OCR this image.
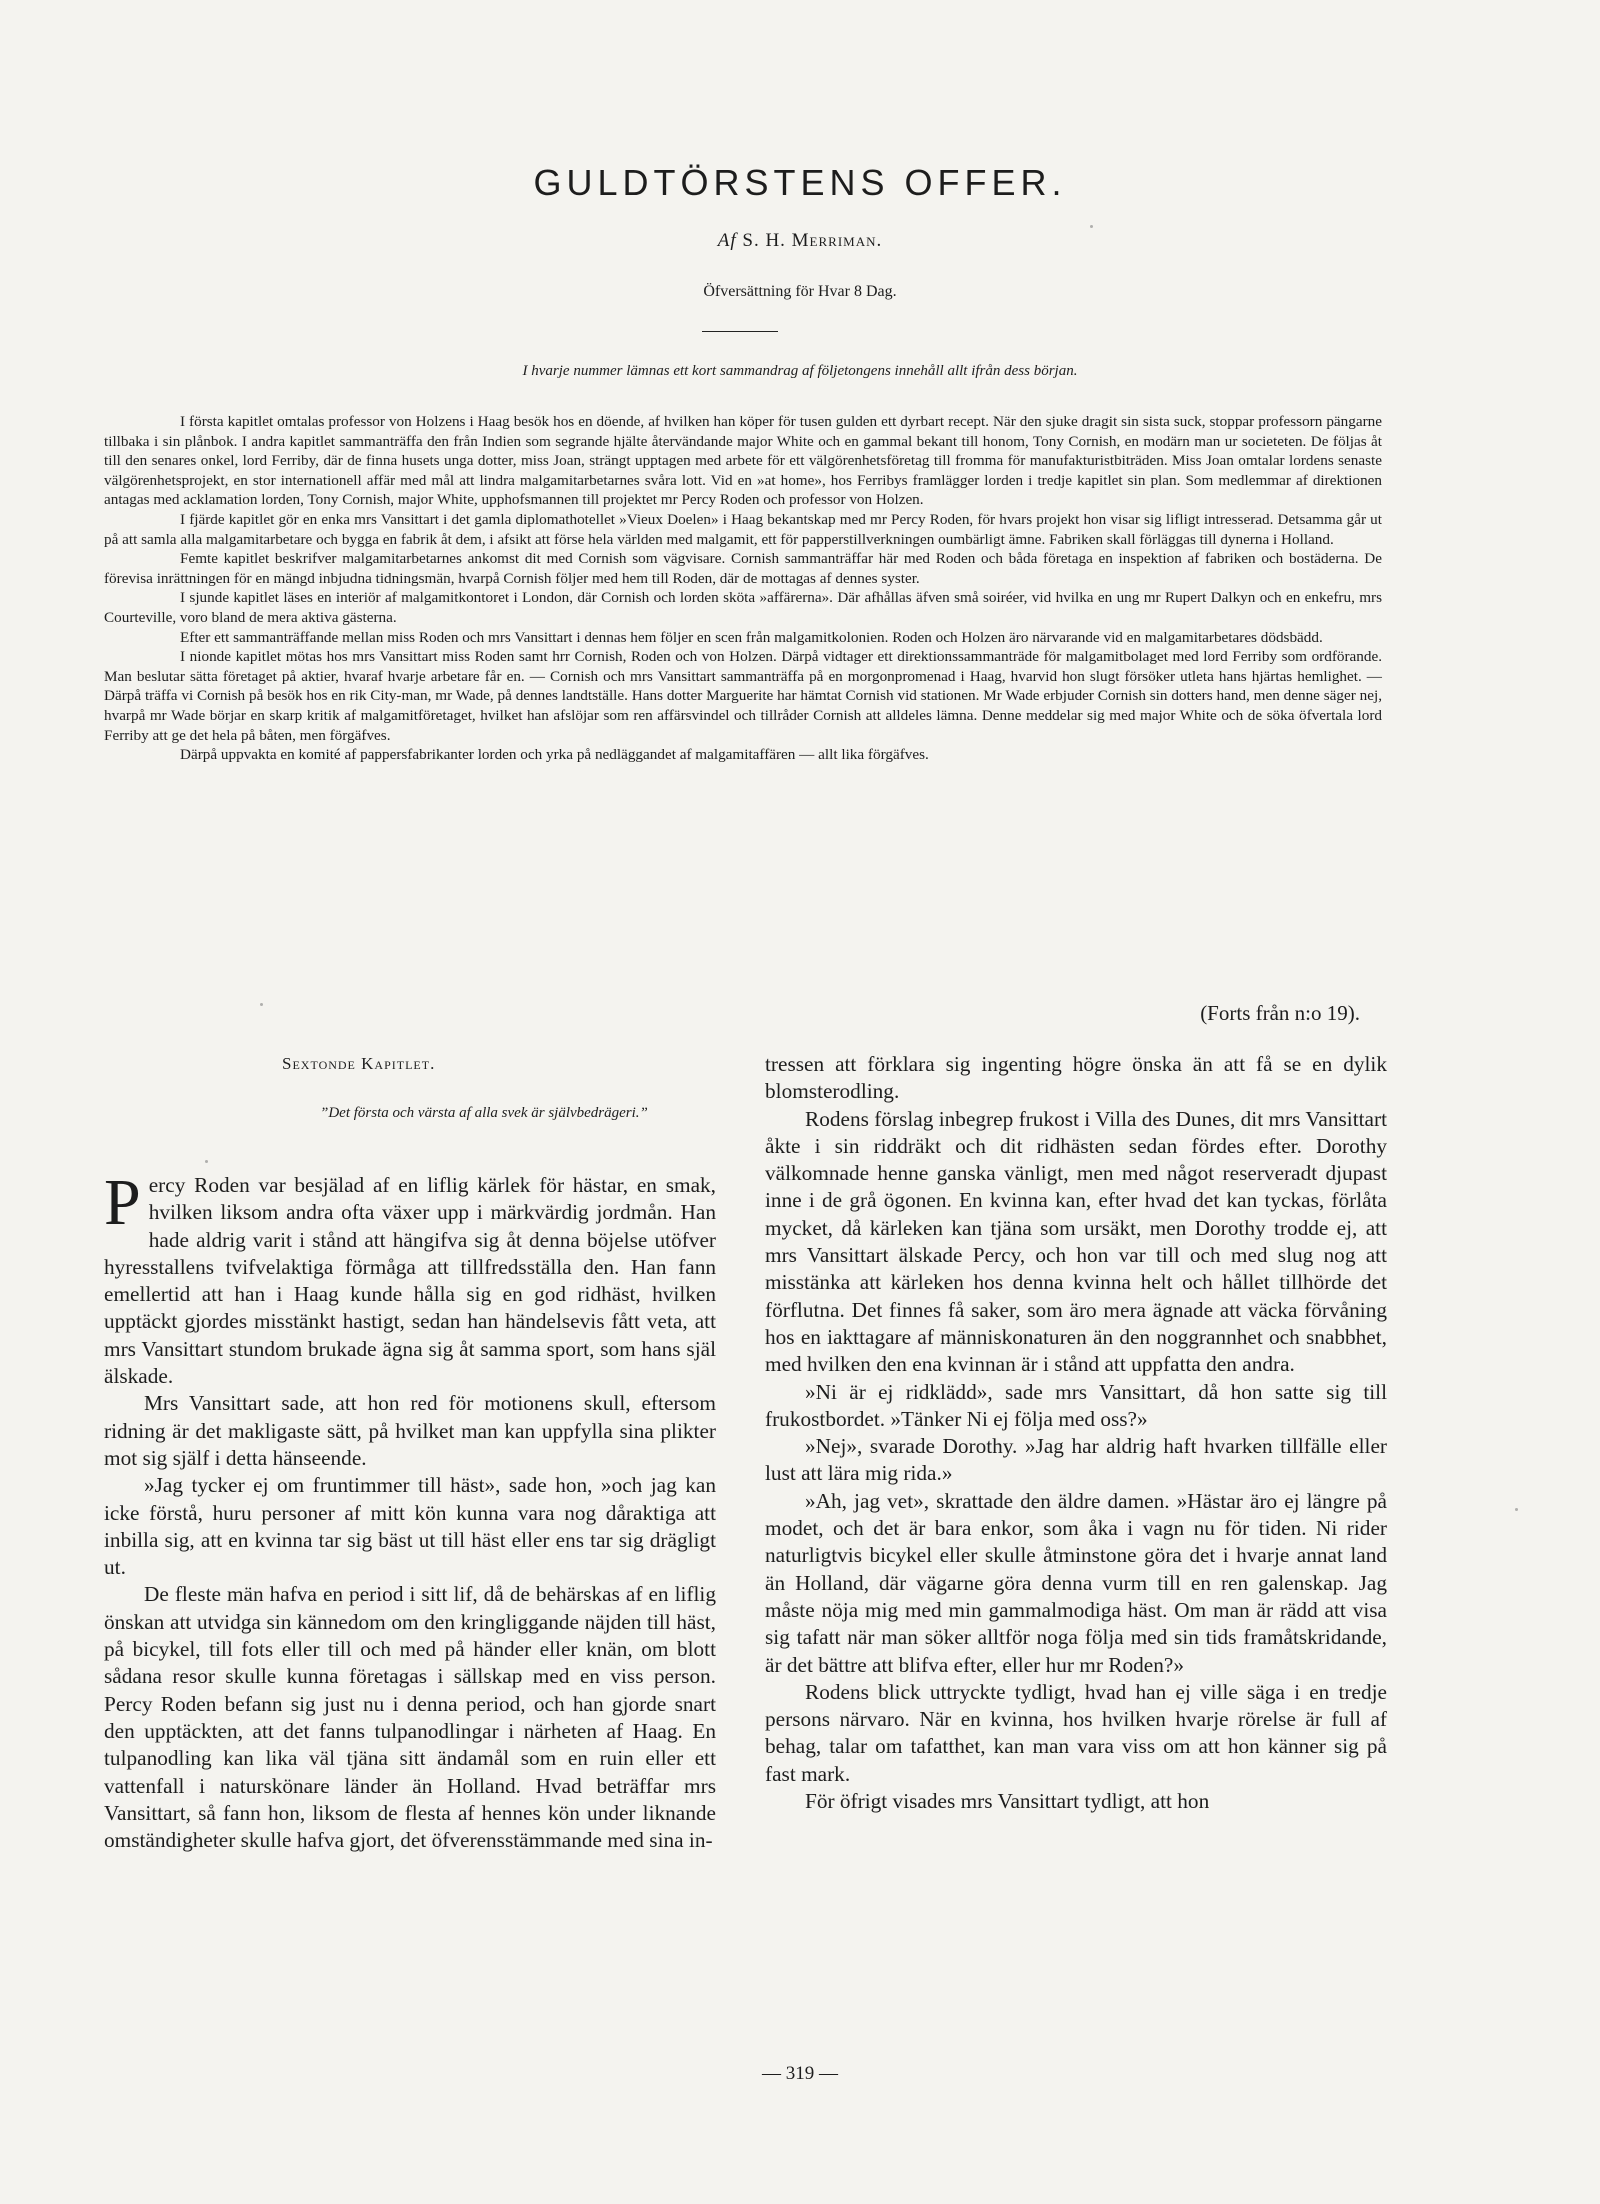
GULDTÖRSTENS OFFER.
Af S. H. Merriman.
Öfversättning för Hvar 8 Dag.
I hvarje nummer lämnas ett kort sammandrag af följetongens innehåll allt ifrån dess början.

I första kapitlet omtalas professor von Holzens i Haag besök hos en döende, af hvilken han köper för tusen gulden ett dyrbart recept. När den sjuke dragit sin sista suck, stoppar professorn pängarne tillbaka i sin plånbok. I andra kapitlet sammanträffa den från Indien som segrande hjälte återvändande major White och en gammal bekant till honom, Tony Cornish, en modärn man ur societeten. De följas åt till den senares onkel, lord Ferriby, där de finna husets unga dotter, miss Joan, strängt upptagen med arbete för ett välgörenhetsföretag till fromma för manufakturistbiträden. Miss Joan omtalar lordens senaste välgörenhetsprojekt, en stor internationell affär med mål att lindra malgamitarbetarnes svåra lott. Vid en »at home», hos Ferribys framlägger lorden i tredje kapitlet sin plan. Som medlemmar af direktionen antagas med acklamation lorden, Tony Cornish, major White, upphofsmannen till projektet mr Percy Roden och professor von Holzen.

I fjärde kapitlet gör en enka mrs Vansittart i det gamla diplomathotellet »Vieux Doelen» i Haag bekantskap med mr Percy Roden, för hvars projekt hon visar sig lifligt intresserad. Detsamma går ut på att samla alla malgamitarbetare och bygga en fabrik åt dem, i afsikt att förse hela världen med malgamit, ett för papperstillverkningen oumbärligt ämne. Fabriken skall förläggas till dynerna i Holland.

Femte kapitlet beskrifver malgamitarbetarnes ankomst dit med Cornish som vägvisare. Cornish sammanträffar här med Roden och båda företaga en inspektion af fabriken och bostäderna. De förevisa inrättningen för en mängd inbjudna tidningsmän, hvarpå Cornish följer med hem till Roden, där de mottagas af dennes syster.

I sjunde kapitlet läses en interiör af malgamitkontoret i London, där Cornish och lorden sköta »affärerna». Där afhållas äfven små soiréer, vid hvilka en ung mr Rupert Dalkyn och en enkefru, mrs Courteville, voro bland de mera aktiva gästerna.

Efter ett sammanträffande mellan miss Roden och mrs Vansittart i dennas hem följer en scen från malgamitkolonien. Roden och Holzen äro närvarande vid en malgamitarbetares dödsbädd.

I nionde kapitlet mötas hos mrs Vansittart miss Roden samt hrr Cornish, Roden och von Holzen. Därpå vidtager ett direktionssammanträde för malgamitbolaget med lord Ferriby som ordförande. Man beslutar sätta företaget på aktier, hvaraf hvarje arbetare får en. — Cornish och mrs Vansittart sammanträffa på en morgonpromenad i Haag, hvarvid hon slugt försöker utleta hans hjärtas hemlighet. — Därpå träffa vi Cornish på besök hos en rik City-man, mr Wade, på dennes landtställe. Hans dotter Marguerite har hämtat Cornish vid stationen. Mr Wade erbjuder Cornish sin dotters hand, men denne säger nej, hvarpå mr Wade börjar en skarp kritik af malgamitföretaget, hvilket han afslöjar som ren affärsvindel och tillråder Cornish att alldeles lämna. Denne meddelar sig med major White och de söka öfvertala lord Ferriby att ge det hela på båten, men förgäfves.

Därpå uppvakta en komité af pappersfabrikanter lorden och yrka på nedläggandet af malgamitaffären — allt lika förgäfves.

(Forts från n:o 19).
Sextonde Kapitlet.
”Det första och värsta af alla svek är självbedrägeri.”

Percy Roden var besjälad af en liflig kärlek för hästar, en smak, hvilken liksom andra ofta växer upp i märkvärdig jordmån. Han hade aldrig varit i stånd att hängifva sig åt denna böjelse utöfver hyresstallens tvifvelaktiga förmåga att tillfredsställa den. Han fann emellertid att han i Haag kunde hålla sig en god ridhäst, hvilken upptäckt gjordes misstänkt hastigt, sedan han händelsevis fått veta, att mrs Vansittart stundom brukade ägna sig åt samma sport, som hans själ älskade.

Mrs Vansittart sade, att hon red för motionens skull, eftersom ridning är det makligaste sätt, på hvilket man kan uppfylla sina plikter mot sig själf i detta hänseende.

»Jag tycker ej om fruntimmer till häst», sade hon, »och jag kan icke förstå, huru personer af mitt kön kunna vara nog dåraktiga att inbilla sig, att en kvinna tar sig bäst ut till häst eller ens tar sig drägligt ut.

De fleste män hafva en period i sitt lif, då de behärskas af en liflig önskan att utvidga sin kännedom om den kringliggande näjden till häst, på bicykel, till fots eller till och med på händer eller knän, om blott sådana resor skulle kunna företagas i sällskap med en viss person. Percy Roden befann sig just nu i denna period, och han gjorde snart den upptäckten, att det fanns tulpanodlingar i närheten af Haag. En tulpanodling kan lika väl tjäna sitt ändamål som en ruin eller ett vattenfall i naturskönare länder än Holland. Hvad beträffar mrs Vansittart, så fann hon, liksom de flesta af hennes kön under liknande omständigheter skulle hafva gjort, det öfverensstämmande med sina in-

tressen att förklara sig ingenting högre önska än att få se en dylik blomsterodling.

Rodens förslag inbegrep frukost i Villa des Dunes, dit mrs Vansittart åkte i sin riddräkt och dit ridhästen sedan fördes efter. Dorothy välkomnade henne ganska vänligt, men med något reserveradt djupast inne i de grå ögonen. En kvinna kan, efter hvad det kan tyckas, förlåta mycket, då kärleken kan tjäna som ursäkt, men Dorothy trodde ej, att mrs Vansittart älskade Percy, och hon var till och med slug nog att misstänka att kärleken hos denna kvinna helt och hållet tillhörde det förflutna. Det finnes få saker, som äro mera ägnade att väcka förvåning hos en iakttagare af människonaturen än den noggrannhet och snabbhet, med hvilken den ena kvinnan är i stånd att uppfatta den andra.

»Ni är ej ridklädd», sade mrs Vansittart, då hon satte sig till frukostbordet. »Tänker Ni ej följa med oss?»

»Nej», svarade Dorothy. »Jag har aldrig haft hvarken tillfälle eller lust att lära mig rida.»

»Ah, jag vet», skrattade den äldre damen. »Hästar äro ej längre på modet, och det är bara enkor, som åka i vagn nu för tiden. Ni rider naturligtvis bicykel eller skulle åtminstone göra det i hvarje annat land än Holland, där vägarne göra denna vurm till en ren galenskap. Jag måste nöja mig med min gammalmodiga häst. Om man är rädd att visa sig tafatt när man söker alltför noga följa med sin tids framåtskridande, är det bättre att blifva efter, eller hur mr Roden?»

Rodens blick uttryckte tydligt, hvad han ej ville säga i en tredje persons närvaro. När en kvinna, hos hvilken hvarje rörelse är full af behag, talar om tafatthet, kan man vara viss om att hon känner sig på fast mark.

För öfrigt visades mrs Vansittart tydligt, att hon

— 319 —
